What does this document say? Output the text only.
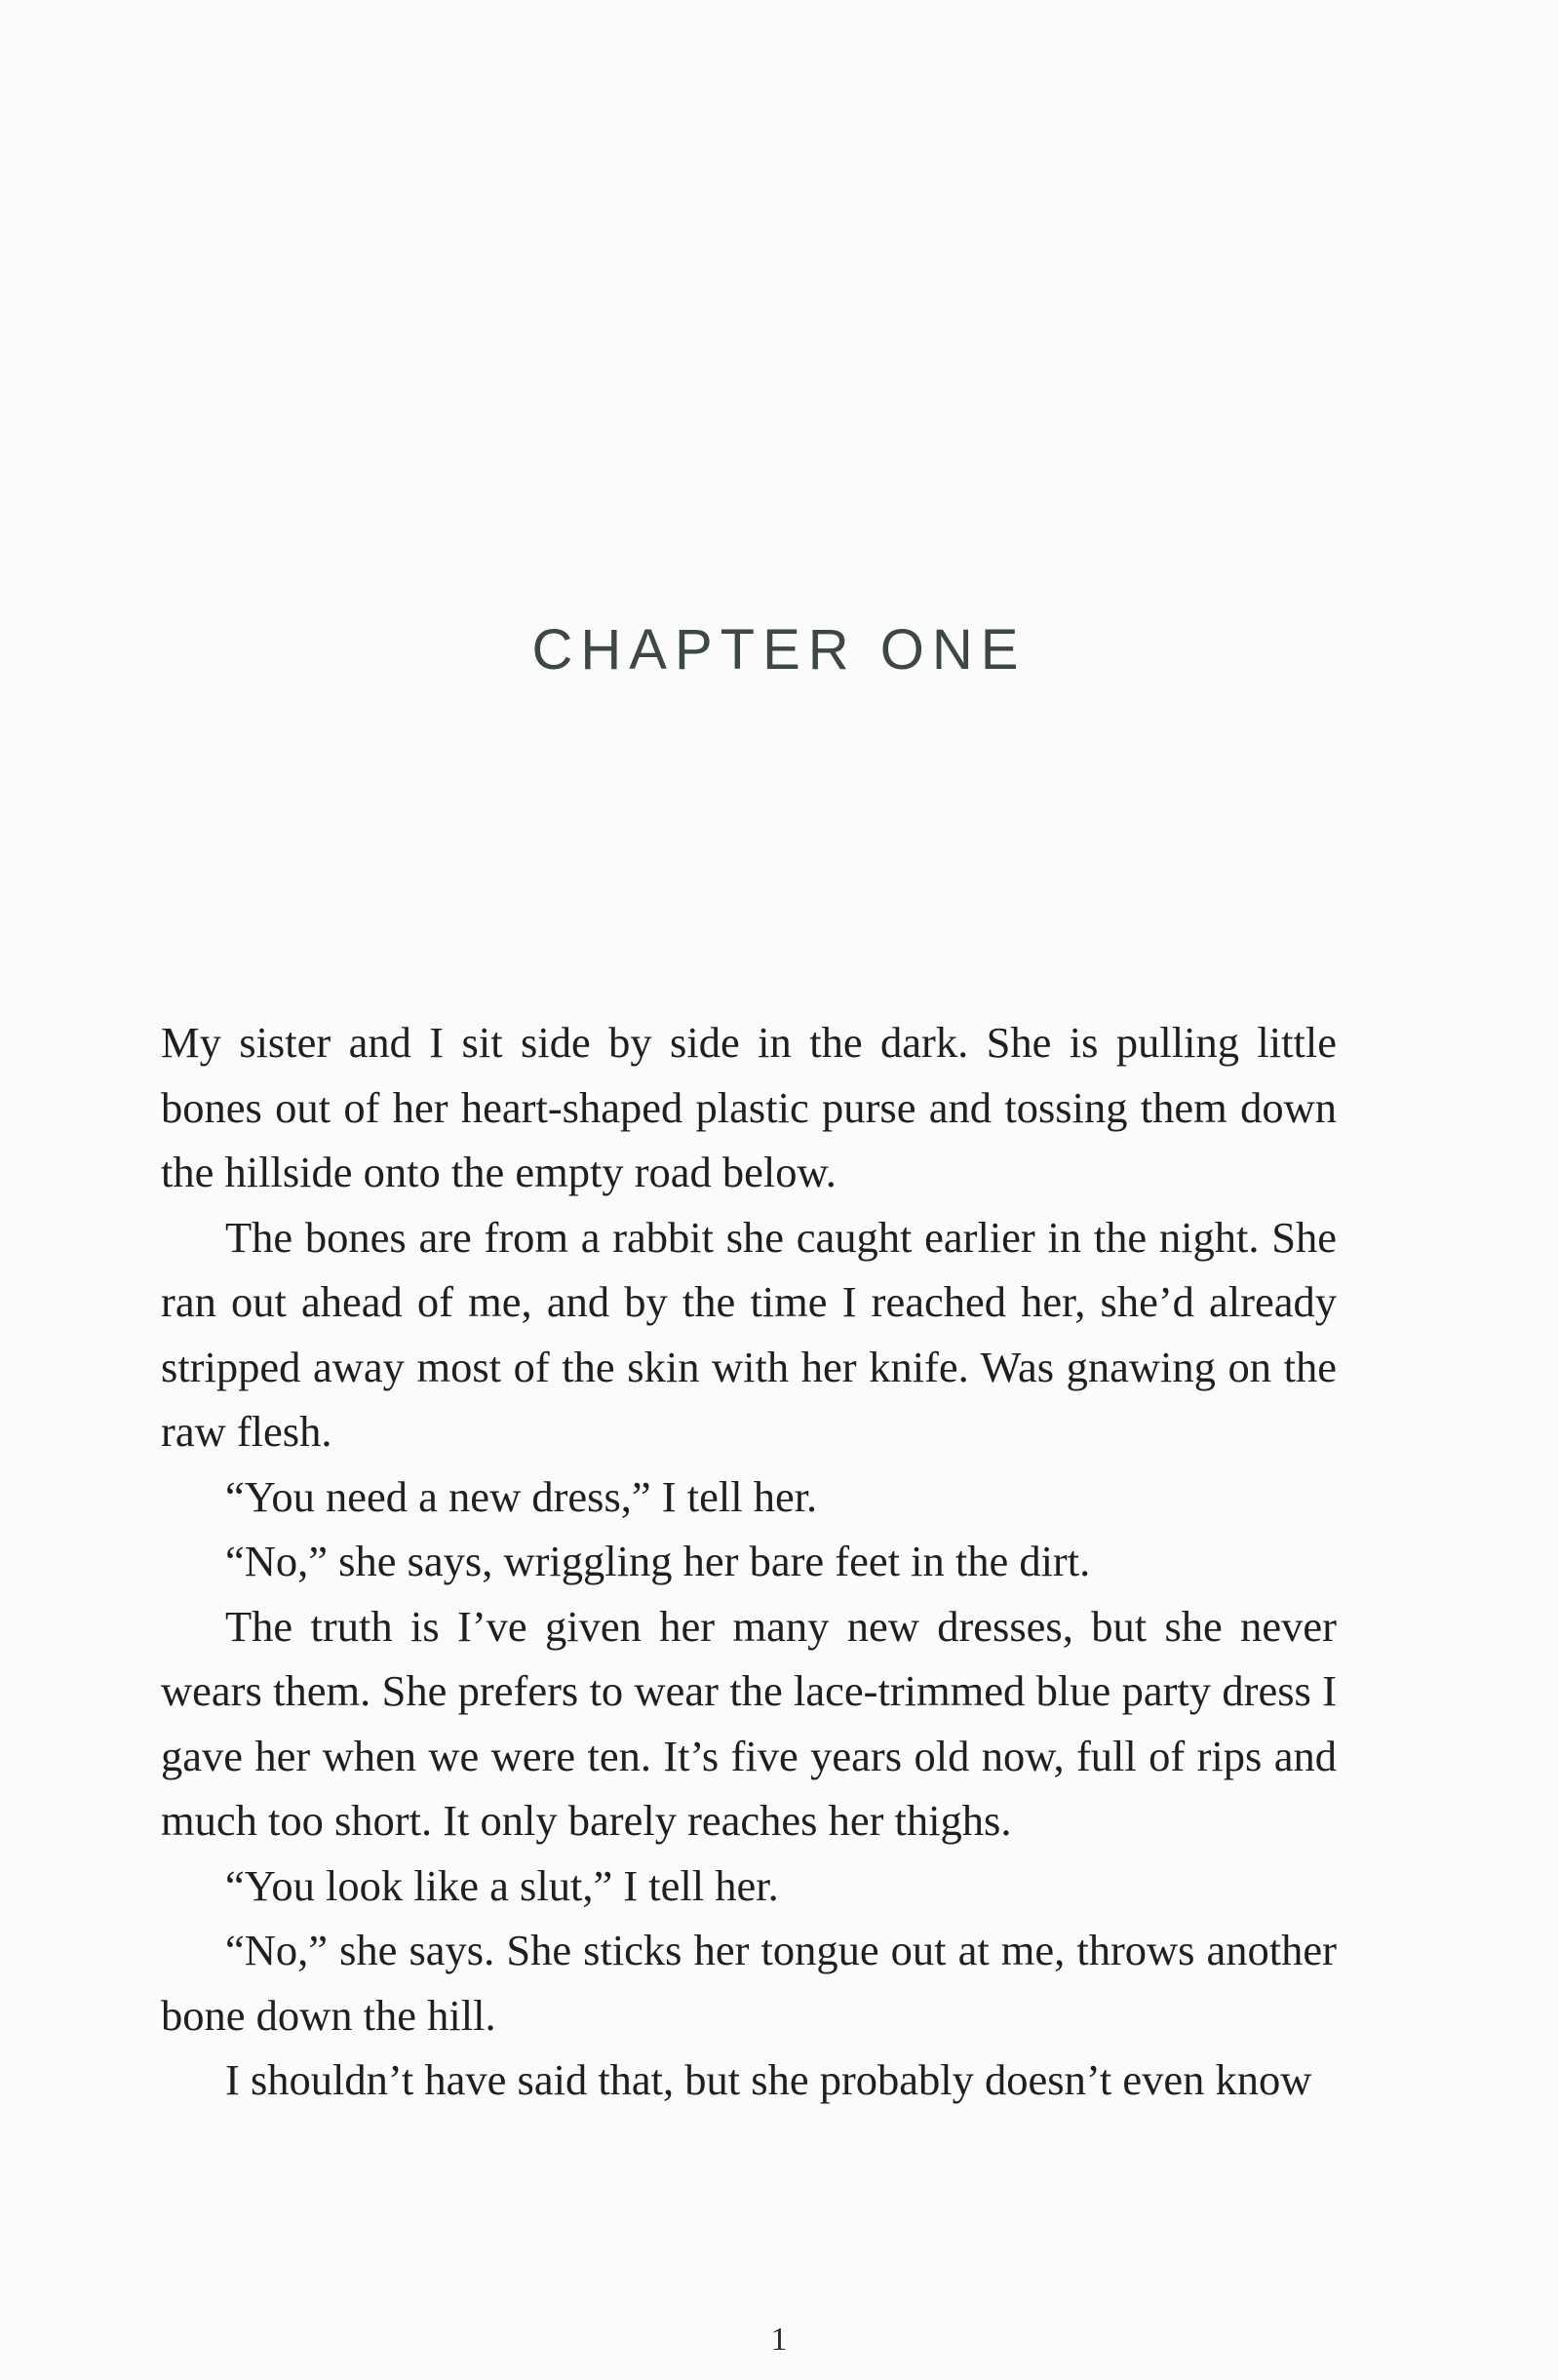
CHAPTER ONE

My sister and I sit side by side in the dark. She is pulling little bones out of her heart-shaped plastic purse and tossing them down the hillside onto the empty road below.

The bones are from a rabbit she caught earlier in the night. She ran out ahead of me, and by the time I reached her, she’d already stripped away most of the skin with her knife. Was gnawing on the raw flesh.

“You need a new dress,” I tell her.

“No,” she says, wriggling her bare feet in the dirt.

The truth is I’ve given her many new dresses, but she never wears them. She prefers to wear the lace-trimmed blue party dress I gave her when we were ten. It’s five years old now, full of rips and much too short. It only barely reaches her thighs.

“You look like a slut,” I tell her.

“No,” she says. She sticks her tongue out at me, throws another bone down the hill.

I shouldn’t have said that, but she probably doesn’t even know

1
